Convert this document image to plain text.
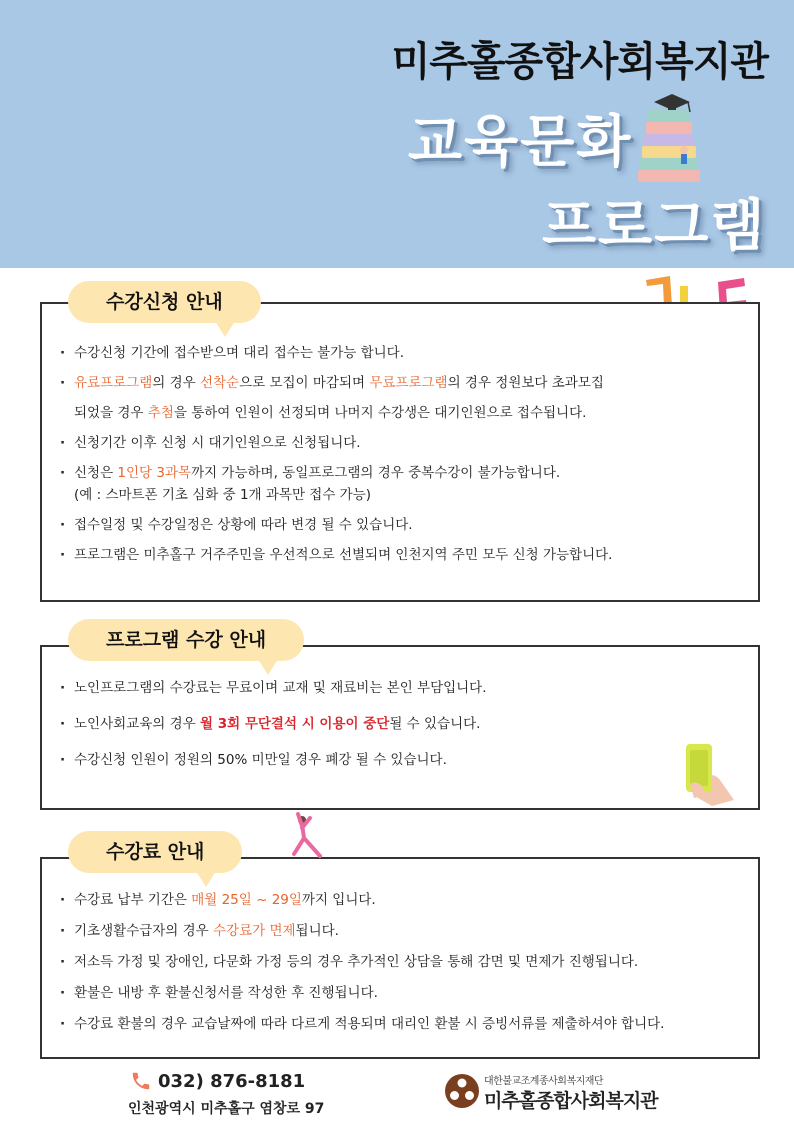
미추홀종합사회복지관
교육문화
프로그램
· 수강신청 기간에 접수받으며 대리 접수는 불가능 합니다.
· 유료프로그램의 경우 선착순으로 모집이 마감되며 무료프로그램의 경우 정원보다 초과모집
되었을 경우 추첨을 통하여 인원이 선정되며 나머지 수강생은 대기인원으로 접수됩니다.
· 신청기간 이후 신청 시 대기인원으로 신청됩니다.
· 신청은 1인당 3과목까지 가능하며, 동일프로그램의 경우 중복수강이 불가능합니다.
(예 : 스마트폰 기초 심화 중 1개 과목만 접수 가능)
· 접수일정 및 수강일정은 상황에 따라 변경 될 수 있습니다.
· 프로그램은 미추홀구 거주주민을 우선적으로 선별되며 인천지역 주민 모두 신청 가능합니다.
수강신청 안내
· 노인프로그램의 수강료는 무료이며 교재 및 재료비는 본인 부담입니다.
· 노인사회교육의 경우 월 3회 무단결석 시 이용이 중단될 수 있습니다.
· 수강신청 인원이 정원의 50% 미만일 경우 폐강 될 수 있습니다.
프로그램 수강 안내
· 수강료 납부 기간은 매월 25일 ~ 29일까지 입니다.
· 기초생활수급자의 경우 수강료가 면제됩니다.
· 저소득 가정 및 장애인, 다문화 가정 등의 경우 추가적인 상담을 통해 감면 및 면제가 진행됩니다.
· 환불은 내방 후 환불신청서를 작성한 후 진행됩니다.
· 수강료 환불의 경우 교습날짜에 따라 다르게 적용되며 대리인 환불 시 증빙서류를 제출하셔야 합니다.
수강료 안내
032) 876-8181
인천광역시 미추홀구 염창로 97
대한불교조계종사회복지재단
미추홀종합사회복지관
